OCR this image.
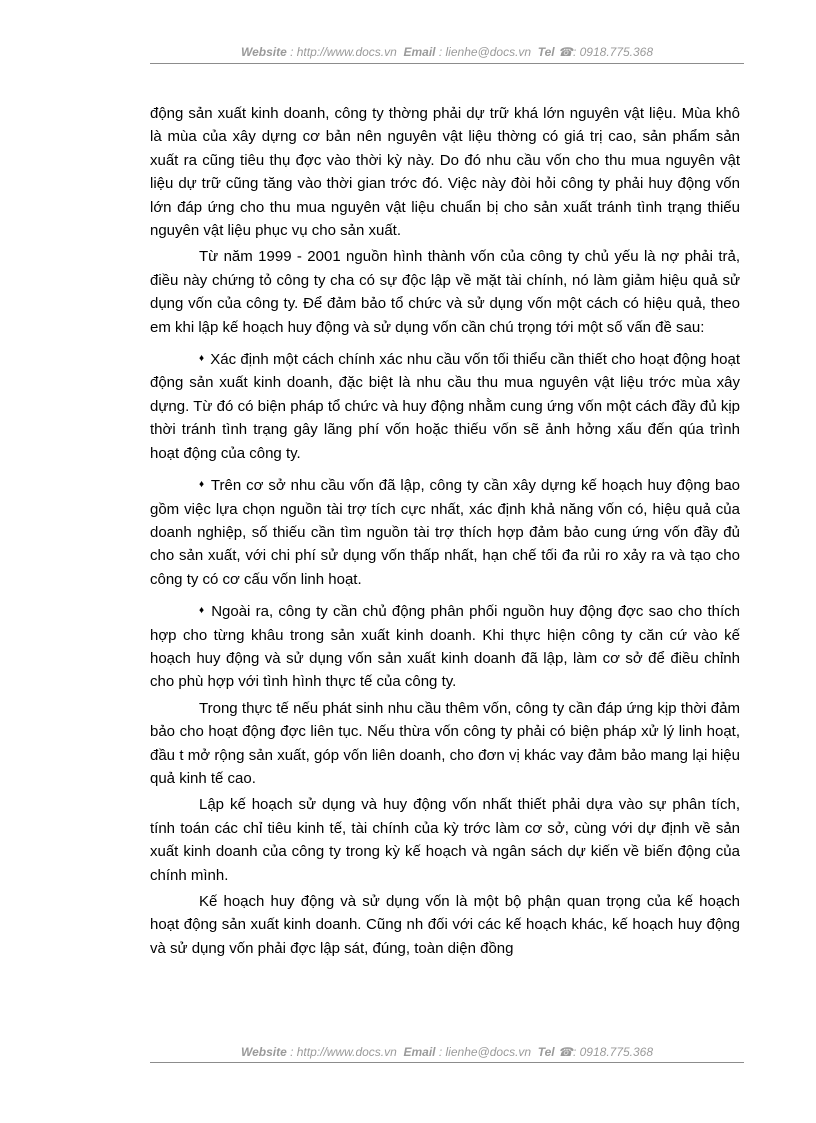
Website : http://www.docs.vn Email : lienhe@docs.vn Tel ☎: 0918.775.368

động sản xuất kinh doanh, công ty thờng phải dự trữ khá lớn nguyên vật liệu. Mùa khô là mùa của xây dựng cơ bản nên nguyên vật liệu thờng có giá trị cao, sản phẩm sản xuất ra cũng tiêu thụ đợc vào thời kỳ này. Do đó nhu cầu vốn cho thu mua nguyên vật liệu dự trữ cũng tăng vào thời gian trớc đó. Việc này đòi hỏi công ty phải huy động vốn lớn đáp ứng cho thu mua nguyên vật liệu chuẩn bị cho sản xuất tránh tình trạng thiếu nguyên vật liệu phục vụ cho sản xuất.

Từ năm 1999 - 2001 nguồn hình thành vốn của công ty chủ yếu là nợ phải trả, điều này chứng tỏ công ty cha có sự độc lập về mặt tài chính, nó làm giảm hiệu quả sử dụng vốn của công ty. Để đảm bảo tổ chức và sử dụng vốn một cách có hiệu quả, theo em khi lập kế hoạch huy động và sử dụng vốn cần chú trọng tới một số vấn đề sau:

♦ Xác định một cách chính xác nhu cầu vốn tối thiểu cần thiết cho hoạt động hoạt động sản xuất kinh doanh, đặc biệt là nhu cầu thu mua nguyên vật liệu trớc mùa xây dựng. Từ đó có biện pháp tổ chức và huy động nhằm cung ứng vốn một cách đầy đủ kịp thời tránh tình trạng gây lãng phí vốn hoặc thiếu vốn sẽ ảnh hởng xấu đến qúa trình hoạt động của công ty.

♦ Trên cơ sở nhu cầu vốn đã lập, công ty cần xây dựng kế hoạch huy động bao gồm việc lựa chọn nguồn tài trợ tích cực nhất, xác định khả năng vốn có, hiệu quả của doanh nghiệp, số thiếu cần tìm nguồn tài trợ thích hợp đảm bảo cung ứng vốn đầy đủ cho sản xuất, với chi phí sử dụng vốn thấp nhất, hạn chế tối đa rủi ro xảy ra và tạo cho công ty có cơ cấu vốn linh hoạt.

♦ Ngoài ra, công ty cần chủ động phân phối nguồn huy động đợc sao cho thích hợp cho từng khâu trong sản xuất kinh doanh. Khi thực hiện công ty căn cứ vào kế hoạch huy động và sử dụng vốn sản xuất kinh doanh đã lập, làm cơ sở để điều chỉnh cho phù hợp với tình hình thực tế của công ty.

Trong thực tế nếu phát sinh nhu cầu thêm vốn, công ty cần đáp ứng kịp thời đảm bảo cho hoạt động đợc liên tục. Nếu thừa vốn công ty phải có biện pháp xử lý linh hoạt, đầu t mở rộng sản xuất, góp vốn liên doanh, cho đơn vị khác vay đảm bảo mang lại hiệu quả kinh tế cao.

Lập kế hoạch sử dụng và huy động vốn nhất thiết phải dựa vào sự phân tích, tính toán các chỉ tiêu kinh tế, tài chính của kỳ trớc làm cơ sở, cùng với dự định về sản xuất kinh doanh của công ty trong kỳ kế hoạch và ngân sách dự kiến về biến động của chính mình.

Kế hoạch huy động và sử dụng vốn là một bộ phận quan trọng của kế hoạch hoạt động sản xuất kinh doanh. Cũng nh đối với các kế hoạch khác, kế hoạch huy động và sử dụng vốn phải đợc lập sát, đúng, toàn diện đồng

Website : http://www.docs.vn Email : lienhe@docs.vn Tel ☎: 0918.775.368
